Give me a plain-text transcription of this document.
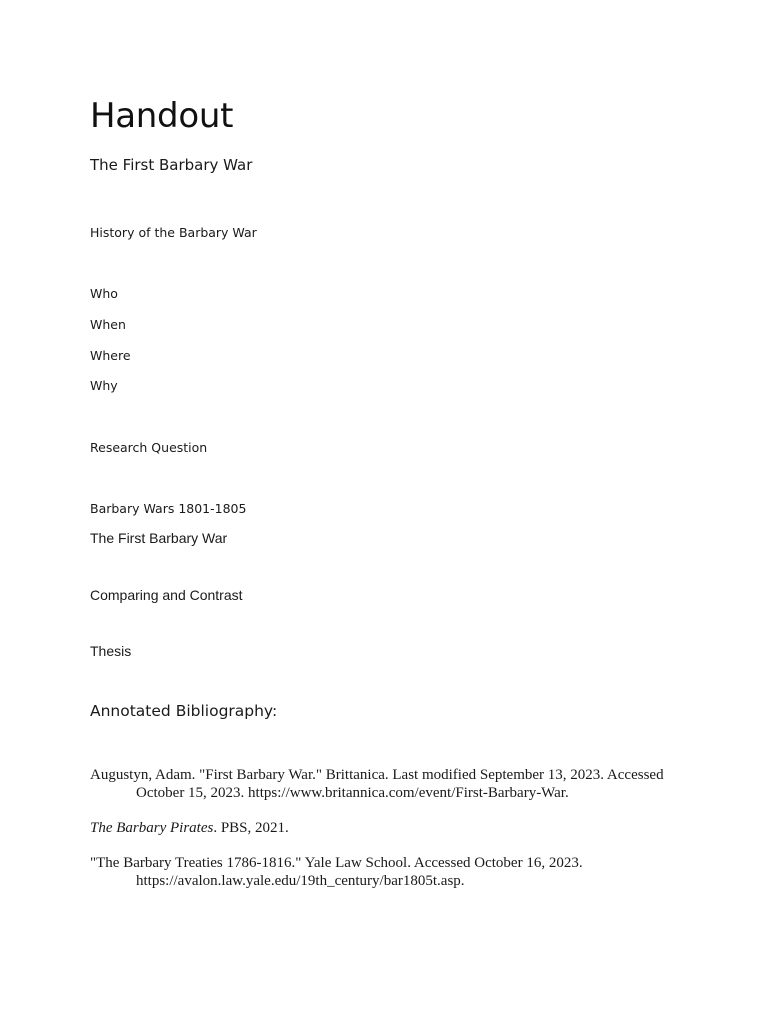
Handout
The First Barbary War
History of the Barbary War
Who
When
Where
Why
Research Question
Barbary Wars 1801-1805
The First Barbary War
Comparing and Contrast
Thesis
Annotated Bibliography:
Augustyn, Adam. "First Barbary War." Brittanica. Last modified September 13, 2023. Accessed
October 15, 2023. https://www.britannica.com/event/First-Barbary-War.
The Barbary Pirates. PBS, 2021.
"The Barbary Treaties 1786-1816." Yale Law School. Accessed October 16, 2023.
https://avalon.law.yale.edu/19th_century/bar1805t.asp.
